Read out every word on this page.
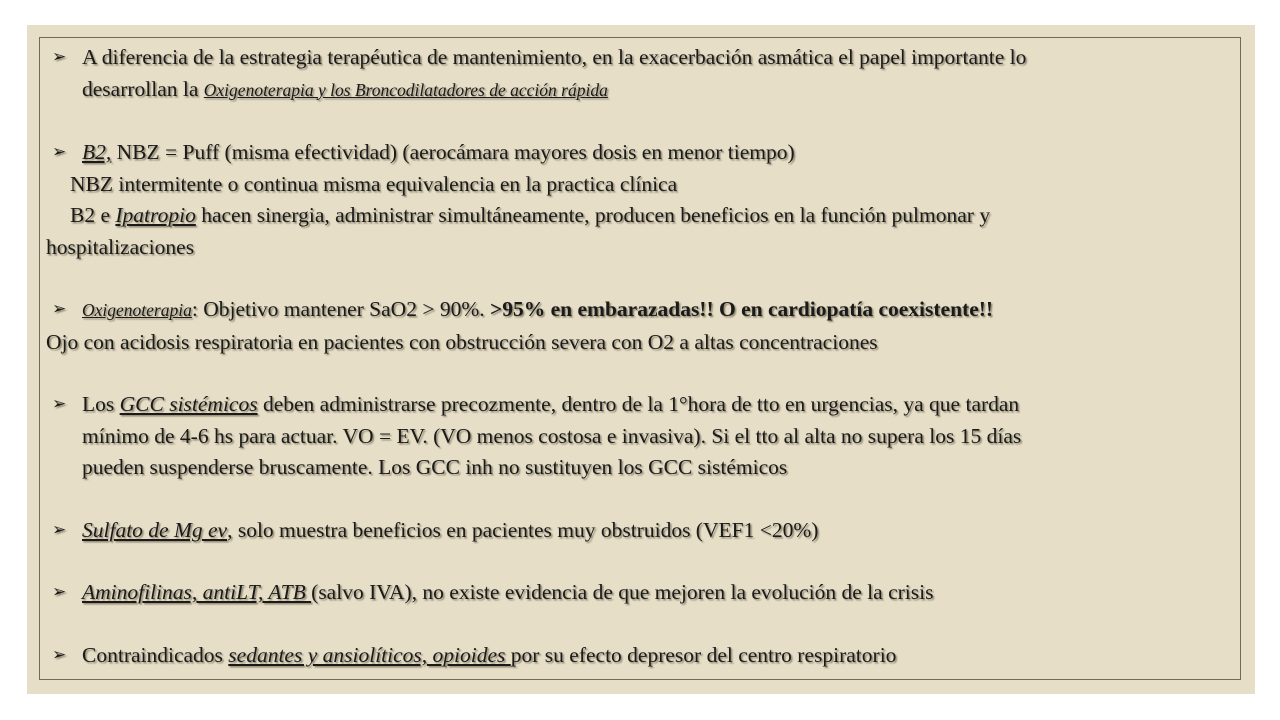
➢ A diferencia de la estrategia terapéutica de mantenimiento, en la exacerbación asmática el papel importante lo

desarrollan la Oxigenoterapia y los Broncodilatadores de acción rápida

➢ B2, NBZ = Puff (misma efectividad) (aerocámara mayores dosis en menor tiempo)

NBZ intermitente o continua misma equivalencia en la practica clínica

B2 e Ipatropio hacen sinergia, administrar simultáneamente, producen beneficios en la función pulmonar y

hospitalizaciones

➢ Oxigenoterapia: Objetivo mantener SaO2 > 90%. >95% en embarazadas!! O en cardiopatía coexistente!!

Ojo con acidosis respiratoria en pacientes con obstrucción severa con O2 a altas concentraciones

➢ Los GCC sistémicos deben administrarse precozmente, dentro de la 1°hora de tto en urgencias, ya que tardan

mínimo de 4-6 hs para actuar. VO = EV. (VO menos costosa e invasiva). Si el tto al alta no supera los 15 días

pueden suspenderse bruscamente. Los GCC inh no sustituyen los GCC sistémicos

➢ Sulfato de Mg ev, solo muestra beneficios en pacientes muy obstruidos (VEF1 <20%)

➢ Aminofilinas, antiLT, ATB (salvo IVA), no existe evidencia de que mejoren la evolución de la crisis

➢ Contraindicados sedantes y ansiolíticos, opioides por su efecto depresor del centro respiratorio
